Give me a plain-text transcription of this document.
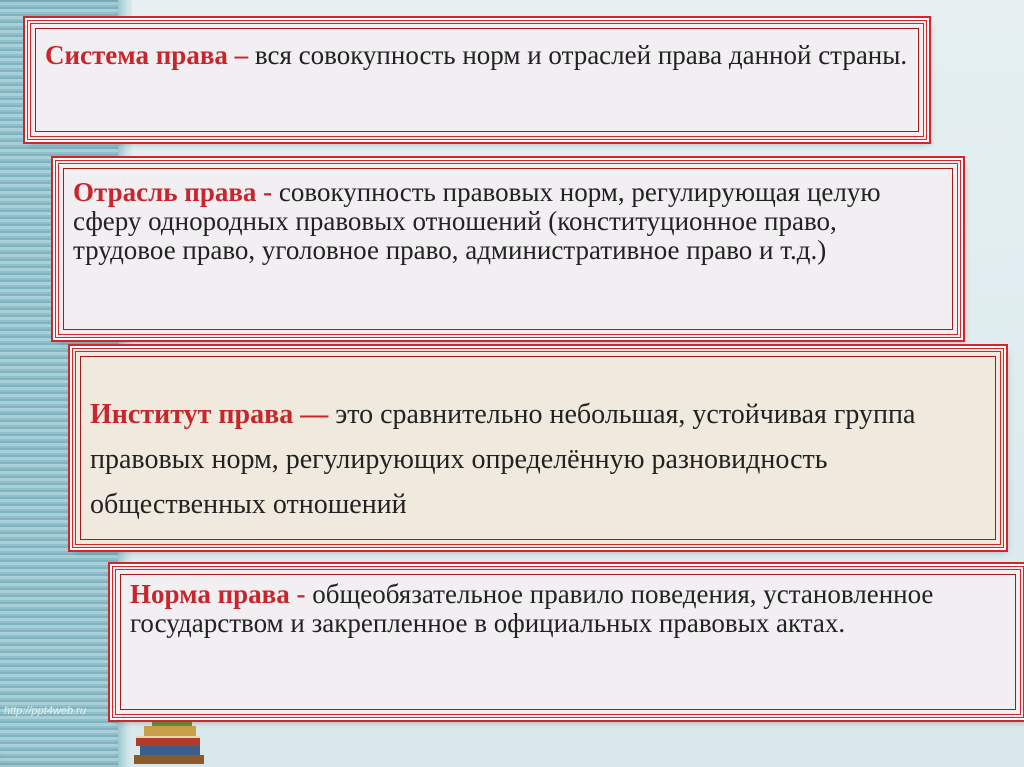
http://ppt4web.ru
Система права – вся совокупность норм и отраслей права данной страны.
Отрасль права - совокупность правовых норм, регулирующая целую сферу однородных правовых отношений (конституционное право, трудовое право, уголовное право, административное право и т.д.)
Институт права — это сравнительно небольшая, устойчивая группа правовых норм, регулирующих определённую разновидность общественных отношений
Норма права - общеобязательное правило поведения, установленное государством и закрепленное в официальных правовых актах.
